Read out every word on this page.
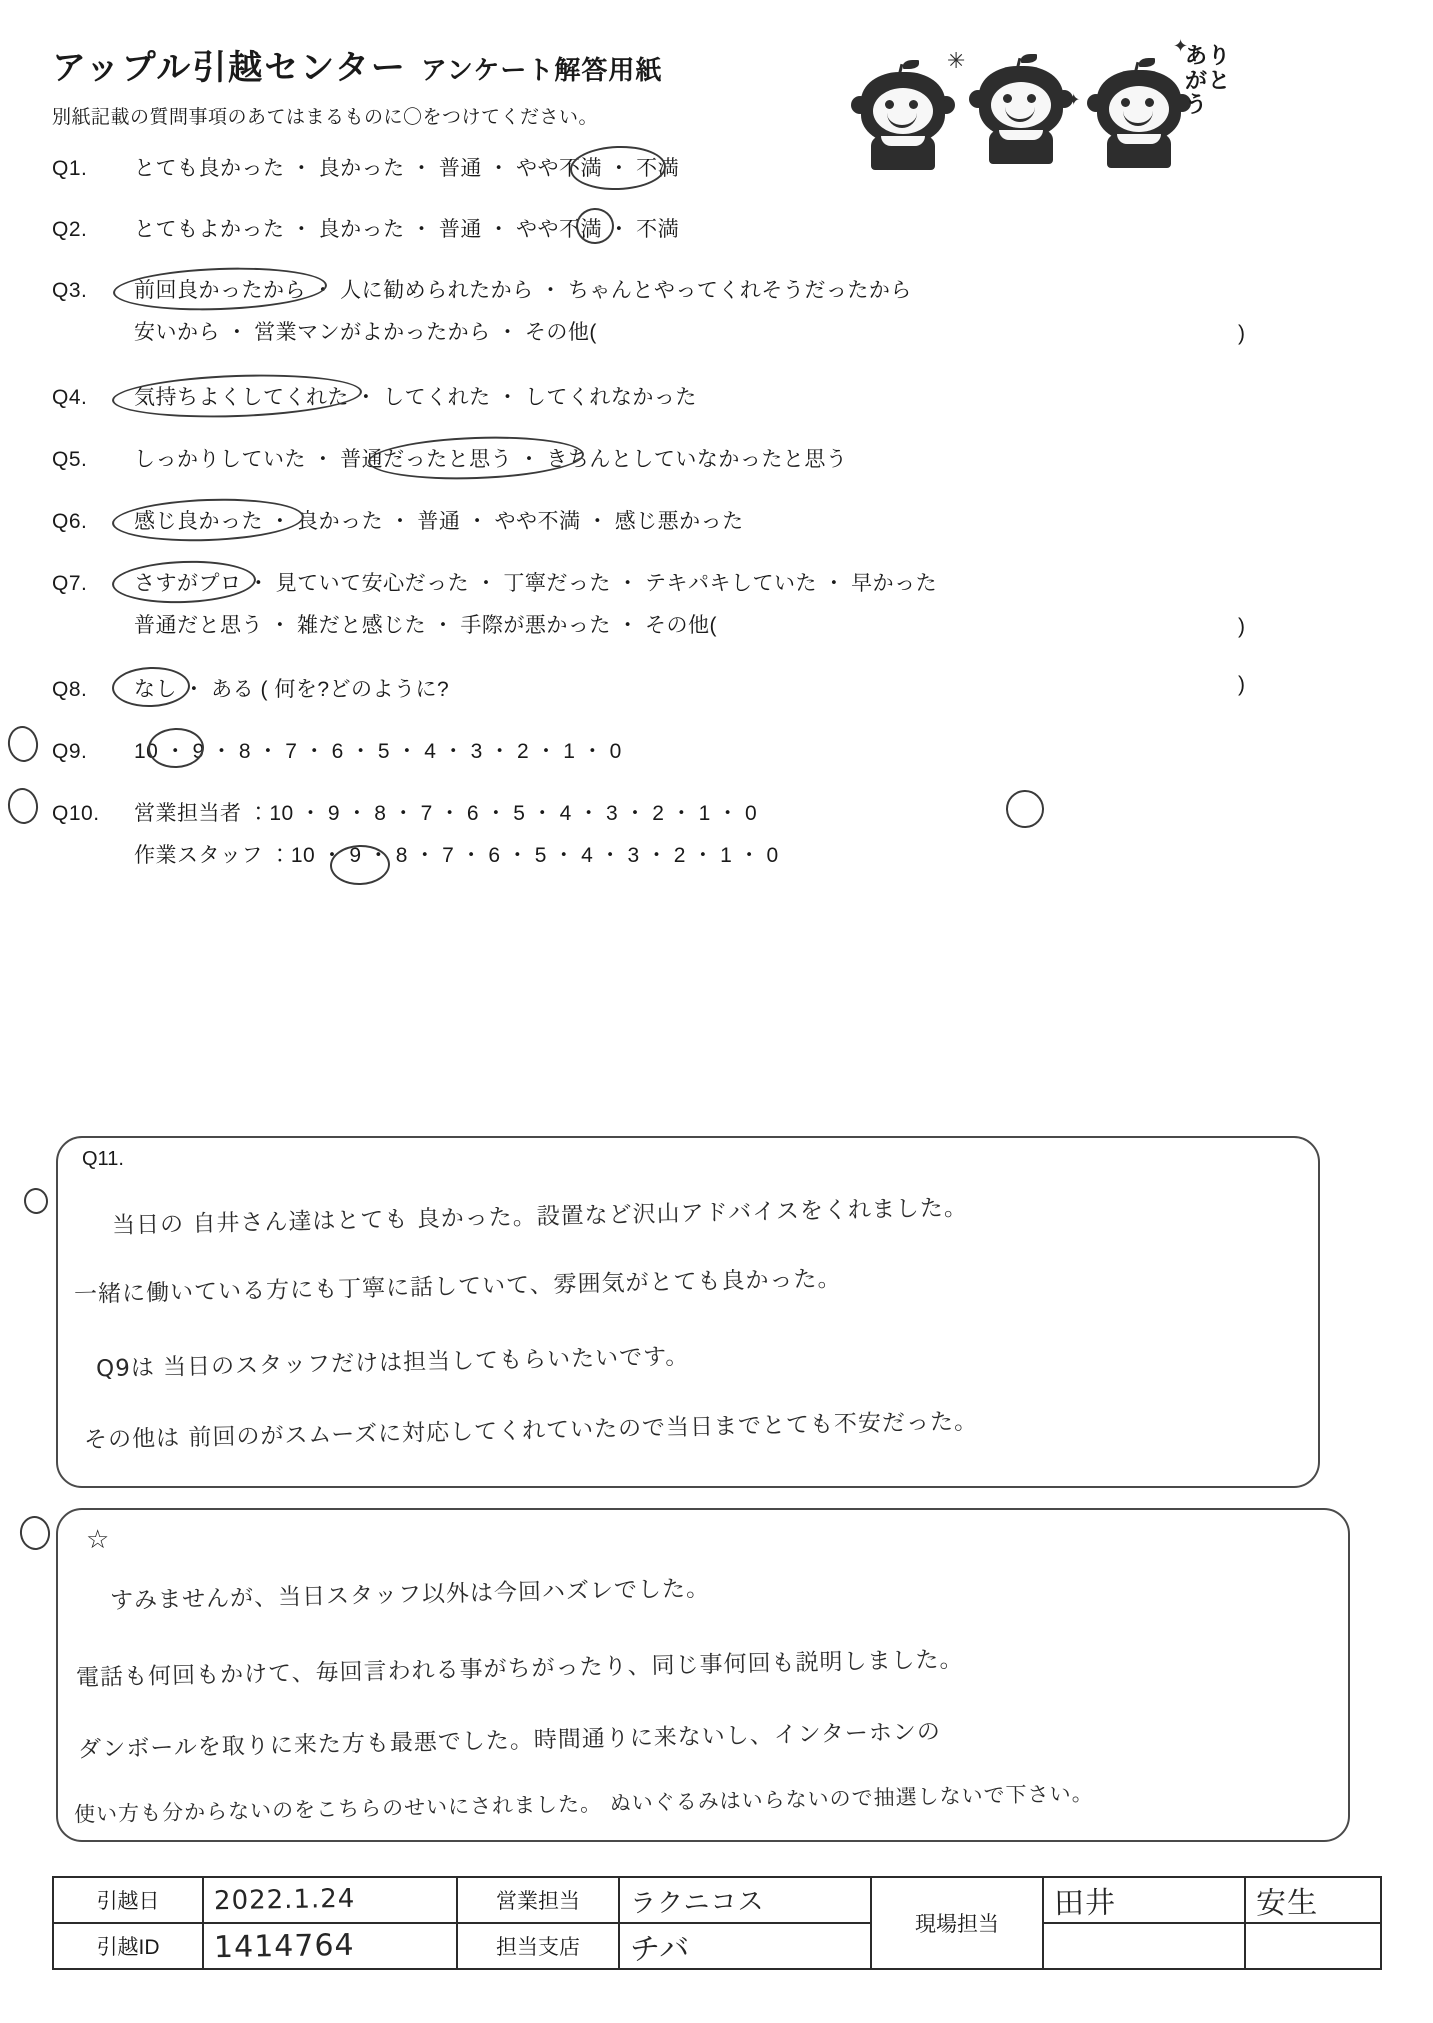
アップル引越センター アンケート解答用紙
別紙記載の質問事項のあてはまるものに〇をつけてください。
✳
✦
✦
ありがとう
Q1. とても良かった ・ 良かった ・ 普通 ・ やや不満 ・ 不満
Q2. とてもよかった ・ 良かった ・ 普通 ・ やや不満 ・ 不満
Q3. 前回良かったから ・ 人に勧められたから ・ ちゃんとやってくれそうだったから
安いから ・ 営業マンがよかったから ・ その他(	)
Q4. 気持ちよくしてくれた ・ してくれた ・ してくれなかった
Q5. しっかりしていた ・ 普通だったと思う ・ きちんとしていなかったと思う
Q6. 感じ良かった ・ 良かった ・ 普通 ・ やや不満 ・ 感じ悪かった
Q7. さすがプロ ・ 見ていて安心だった ・ 丁寧だった ・ テキパキしていた ・ 早かった
普通だと思う ・ 雑だと感じた ・ 手際が悪かった ・ その他(	)
Q8. なし ・ ある ( 何を?どのように?	)
Q9. 10 ・ 9 ・ 8 ・ 7 ・ 6 ・ 5 ・ 4 ・ 3 ・ 2 ・ 1 ・ 0
Q10. 営業担当者 ：10 ・ 9 ・ 8 ・ 7 ・ 6 ・ 5 ・ 4 ・ 3 ・ 2 ・ 1 ・ 0
作業スタッフ ：10 ・ 9 ・ 8 ・ 7 ・ 6 ・ 5 ・ 4 ・ 3 ・ 2 ・ 1 ・ 0
Q11.
当日の 自井さん達はとても 良かった。設置など沢山アドバイスをくれました。
一緒に働いている方にも丁寧に話していて、雰囲気がとても良かった。
Q9は 当日のスタッフだけは担当してもらいたいです。
その他は 前回のがスムーズに対応してくれていたので当日までとても不安だった。
☆
すみませんが、当日スタッフ以外は今回ハズレでした。
電話も何回もかけて、毎回言われる事がちがったり、同じ事何回も説明しました。
ダンボールを取りに来た方も最悪でした。時間通りに来ないし、インターホンの
使い方も分からないのをこちらのせいにされました。 ぬいぐるみはいらないので抽選しないで下さい。
引越日	2022.1.24	営業担当	ラクニコス	現場担当	田井	安生
引越ID	1414764	担当支店	チバ			
